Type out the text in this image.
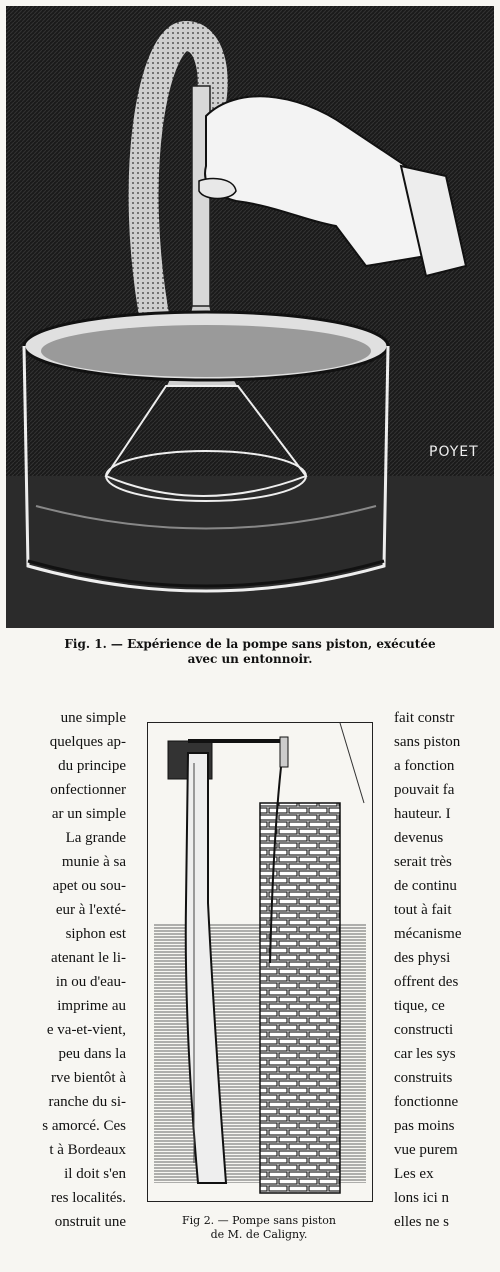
POYET
Fig. 1. — Expérience de la pompe sans piston, exécutée
avec un entonnoir.
une simple
quelques ap-
du principe
onfectionner
ar un simple
La grande
munie à sa
apet ou sou-
eur à l'exté-
siphon est
atenant le li-
in ou d'eau-
imprime au
e va-et-vient,
peu dans la
rve bientôt à
ranche du si-
s amorcé. Ces
t à Bordeaux
il doit s'en
res localités.
onstruit une	Fig 2. — Pompe sans piston
de M. de Caligny.
fait constr
sans piston
a fonction
pouvait fa
hauteur. I
devenus
serait très
de continu
tout à fait
mécanisme
des physi
offrent des
tique, ce
constructi
car les sys
construits
fonctionne
pas moins
vue purem
Les ex
lons ici n
elles ne s
